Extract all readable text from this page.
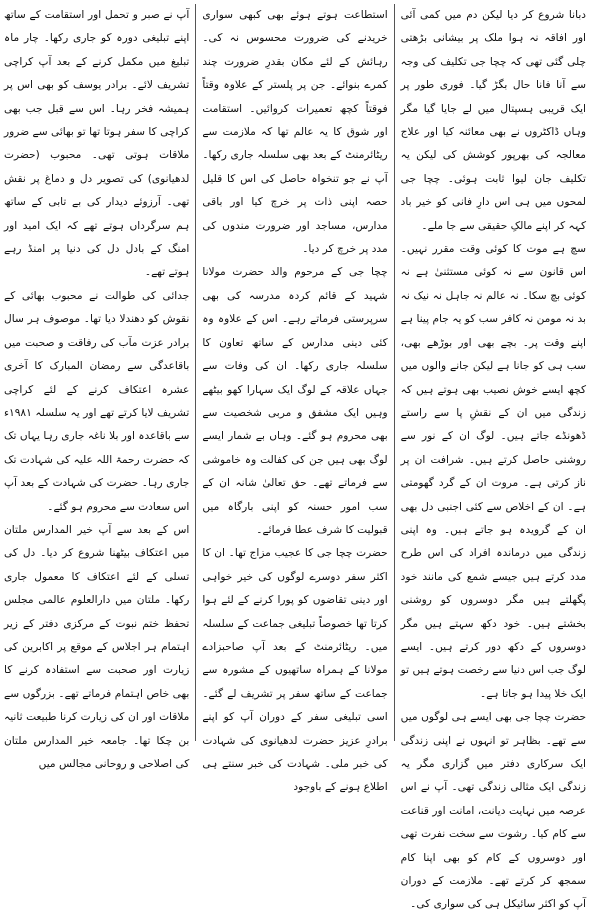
دبانا شروع کر دیا لیکن دم میں کمی آئی اور افاقہ نہ ہوا ملک پر بیشانی بڑھتی چلی گئی تھی کہ چچا جی تکلیف کی وجہ سے آنا فانا حال بگڑ گیا۔ فوری طور پر ایک قریبی ہسپتال میں لے جایا گیا مگر وہاں ڈاکٹروں نے بھی معائنہ کیا اور علاج معالجہ کی بھرپور کوشش کی لیکن یہ تکلیف جان لیوا ثابت ہوئی۔ چچا جی لمحوں میں ہی اس دارِ فانی کو خیر باد کہہ کر اپنے مالکِ حقیقی سے جا ملے۔

سچ ہے موت کا کوئی وقت مقرر نہیں۔ اس قانون سے نہ کوئی مستثنیٰ ہے نہ کوئی بچ سکا۔ نہ عالم نہ جاہل نہ نیک نہ بد نہ مومن نہ کافر سب کو یہ جام پینا ہے اپنے وقت پر۔ بچے بھی اور بوڑھے بھی، سب ہی کو جانا ہے لیکن جانے والوں میں کچھ ایسے خوش نصیب بھی ہوتے ہیں کہ زندگی میں ان کے نقشِ پا سے راستے ڈھونڈے جاتے ہیں۔ لوگ ان کے نور سے روشنی حاصل کرتے ہیں۔ شرافت ان پر ناز کرتی ہے۔ مروت ان کے گرد گھومتی ہے۔ ان کے اخلاص سے کئی اجنبی دل بھی ان کے گرویدہ ہو جاتے ہیں۔ وہ اپنی زندگی میں درماندہ افراد کی اس طرح مدد کرتے ہیں جیسے شمع کی مانند خود پگھلتے ہیں مگر دوسروں کو روشنی بخشتے ہیں۔ خود دکھ سہتے ہیں مگر دوسروں کے دکھ دور کرتے ہیں۔ ایسے لوگ جب اس دنیا سے رخصت ہوتے ہیں تو ایک خلا پیدا ہو جاتا ہے۔

حضرت چچا جی بھی ایسے ہی لوگوں میں سے تھے۔ بظاہر تو انہوں نے اپنی زندگی ایک سرکاری دفتر میں گزاری مگر یہ زندگی ایک مثالی زندگی تھی۔ آپ نے اس عرصہ میں نہایت دیانت، امانت اور قناعت سے کام کیا۔ رشوت سے سخت نفرت تھی اور دوسروں کے کام کو بھی اپنا کام سمجھ کر کرتے تھے۔ ملازمت کے دوران آپ کو اکثر سائیکل ہی کی سواری کی۔

استطاعت ہوتے ہوئے بھی کبھی سواری خریدنے کی ضرورت محسوس نہ کی۔ رہائش کے لئے مکان بقدرِ ضرورت چند کمرے بنوائے۔ جن پر پلستر کے علاوہ وقتاً فوقتاً کچھ تعمیرات کروائیں۔ استقامت اور شوق کا یہ عالم تھا کہ ملازمت سے ریٹائرمنٹ کے بعد بھی سلسلہ جاری رکھا۔ آپ نے جو تنخواہ حاصل کی اس کا قلیل حصہ اپنی ذات پر خرچ کیا اور باقی مدارس، مساجد اور ضرورت مندوں کی مدد پر خرچ کر دیا۔

چچا جی کے مرحوم والد حضرت مولانا شہید کے قائم کردہ مدرسہ کی بھی سرپرستی فرماتے رہے۔ اس کے علاوہ وہ کئی دینی مدارس کے ساتھ تعاون کا سلسلہ جاری رکھا۔ ان کی وفات سے جہاں علاقہ کے لوگ ایک سہارا کھو بیٹھے وہیں ایک مشفق و مربی شخصیت سے بھی محروم ہو گئے۔ وہاں بے شمار ایسے لوگ بھی ہیں جن کی کفالت وہ خاموشی سے فرماتے تھے۔ حق تعالیٰ شانہ ان کے سب امور حسنہ کو اپنی بارگاہ میں قبولیت کا شرف عطا فرمائے۔

حضرت چچا جی کا عجیب مزاج تھا۔ ان کا اکثر سفر دوسرے لوگوں کی خیر خواہی اور دینی تقاضوں کو پورا کرنے کے لئے ہوا کرتا تھا خصوصاً تبلیغی جماعت کے سلسلہ میں۔ ریٹائرمنٹ کے بعد آپ صاحبزادے مولانا کے ہمراہ ساتھیوں کے مشورہ سے جماعت کے ساتھ سفر پر تشریف لے گئے۔ اسی تبلیغی سفر کے دوران آپ کو اپنے برادرِ عزیز حضرت لدھیانوی کی شہادت کی خبر ملی۔ شہادت کی خبر سنتے ہی اطلاع ہونے کے باوجود

آپ نے صبر و تحمل اور استقامت کے ساتھ اپنے تبلیغی دورہ کو جاری رکھا۔ چار ماہ تبلیغ میں مکمل کرنے کے بعد آپ کراچی تشریف لائے۔ برادر یوسف کو بھی اس پر ہمیشہ فخر رہا۔ اس سے قبل جب بھی کراچی کا سفر ہوتا تھا تو بھائی سے ضرور ملاقات ہوتی تھی۔ محبوب (حضرت لدھیانوی) کی تصویر دل و دماغ پر نقش تھی۔ آرزوئے دیدار کی بے تابی کے ساتھ ہم سرگرداں ہوتے تھے کہ ایک امید اور امنگ کے بادل دل کی دنیا پر امنڈ رہے ہوتے تھے۔

جدائی کی طوالت نے محبوب بھائی کے نقوش کو دھندلا دیا تھا۔ موصوف ہر سال برادر عزت مآب کی رفاقت و صحبت میں باقاعدگی سے رمضان المبارک کا آخری عشرہ اعتکاف کرنے کے لئے کراچی تشریف لایا کرتے تھے اور یہ سلسلہ ۱۹۸۱ء سے باقاعدہ اور بلا ناغہ جاری رہا یہاں تک کہ حضرت رحمۃ اللہ علیہ کی شہادت تک جاری رہا۔ حضرت کی شہادت کے بعد آپ اس سعادت سے محروم ہو گئے۔

اس کے بعد سے آپ خیر المدارس ملتان میں اعتکاف بیٹھنا شروع کر دیا۔ دل کی تسلی کے لئے اعتکاف کا معمول جاری رکھا۔ ملتان میں دارالعلوم عالمی مجلس تحفظ ختم نبوت کے مرکزی دفتر کے زیر اہتمام ہر اجلاس کے موقع پر اکابرین کی زیارت اور صحبت سے استفادہ کرنے کا بھی خاص اہتمام فرماتے تھے۔ بزرگوں سے ملاقات اور ان کی زیارت کرنا طبیعت ثانیہ بن چکا تھا۔ جامعہ خیر المدارس ملتان کی اصلاحی و روحانی مجالس میں
